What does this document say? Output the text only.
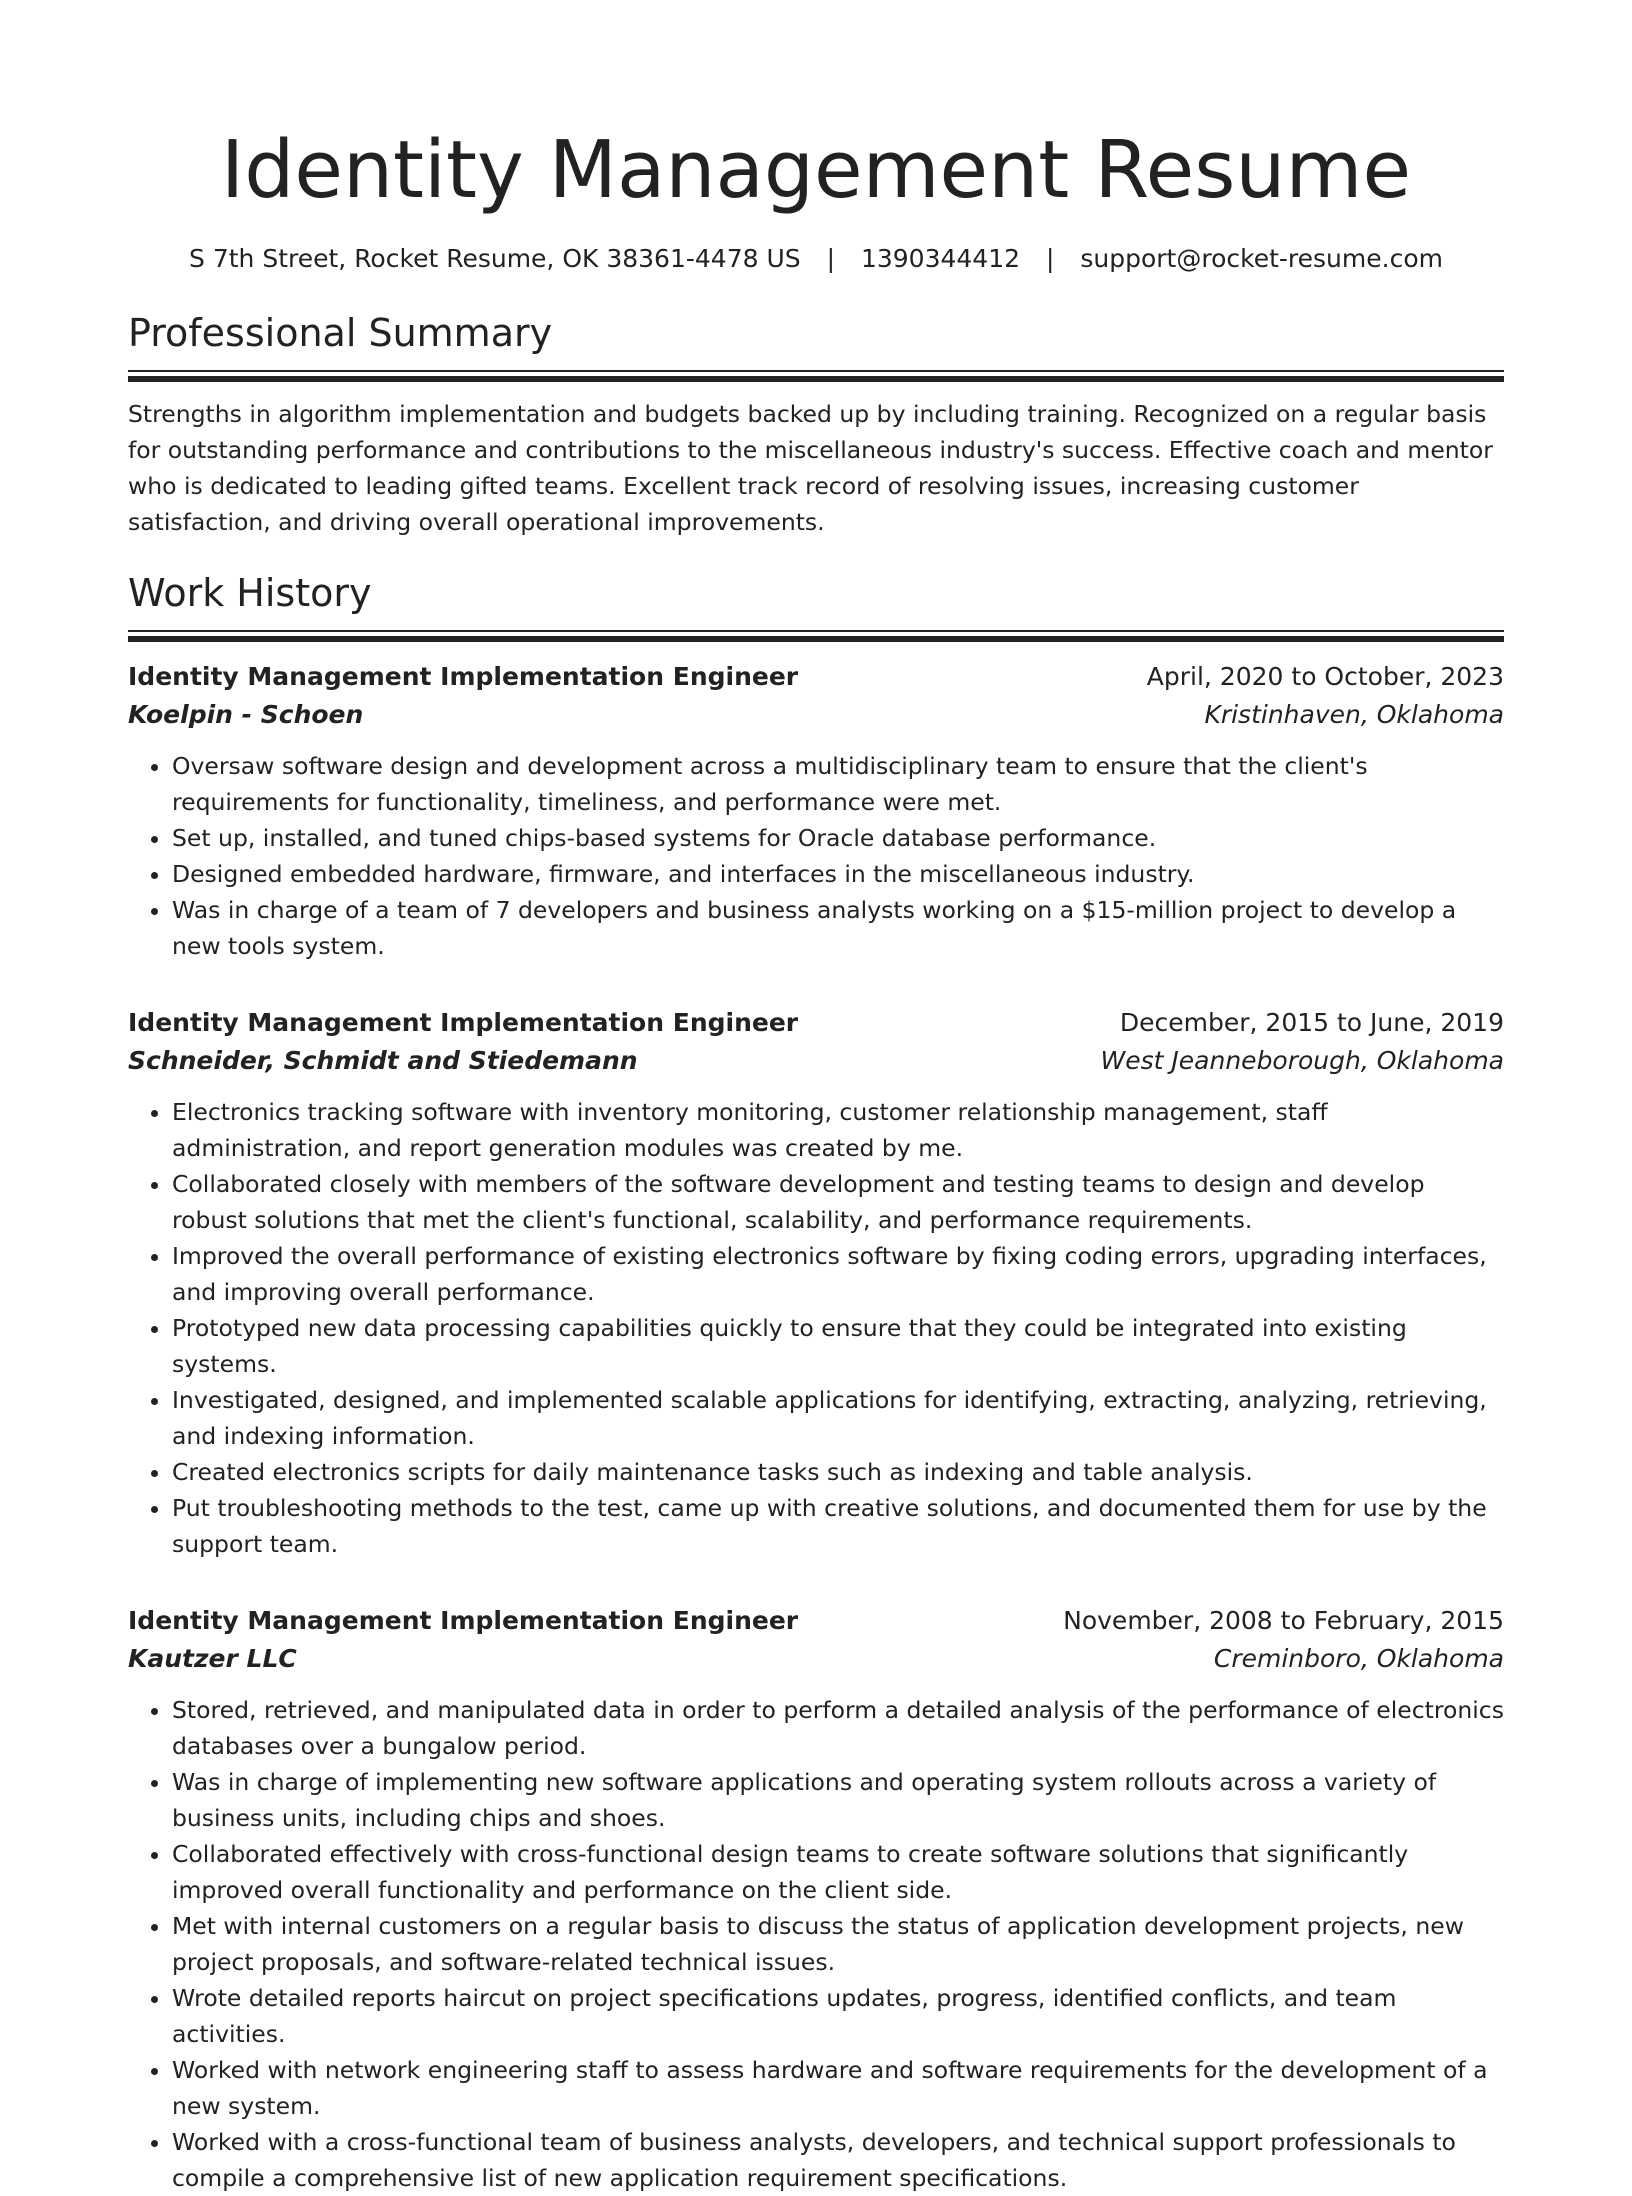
Identity Management Resume
S 7th Street, Rocket Resume, OK 38361-4478 US | 1390344412 | support@rocket-resume.com
Professional Summary

Strengths in algorithm implementation and budgets backed up by including training. Recognized on a regular basis for outstanding performance and contributions to the miscellaneous industry's success. Effective coach and mentor who is dedicated to leading gifted teams. Excellent track record of resolving issues, increasing customer satisfaction, and driving overall operational improvements.

Work History
Identity Management Implementation Engineer	April, 2020 to October, 2023
Koelpin - Schoen	Kristinhaven, Oklahoma
• Oversaw software design and development across a multidisciplinary team to ensure that the client's requirements for functionality, timeliness, and performance were met.
• Set up, installed, and tuned chips-based systems for Oracle database performance.
• Designed embedded hardware, firmware, and interfaces in the miscellaneous industry.
• Was in charge of a team of 7 developers and business analysts working on a $15-million project to develop a new tools system.
Identity Management Implementation Engineer	December, 2015 to June, 2019
Schneider, Schmidt and Stiedemann	West Jeanneborough, Oklahoma
• Electronics tracking software with inventory monitoring, customer relationship management, staff administration, and report generation modules was created by me.
• Collaborated closely with members of the software development and testing teams to design and develop robust solutions that met the client's functional, scalability, and performance requirements.
• Improved the overall performance of existing electronics software by fixing coding errors, upgrading interfaces, and improving overall performance.
• Prototyped new data processing capabilities quickly to ensure that they could be integrated into existing systems.
• Investigated, designed, and implemented scalable applications for identifying, extracting, analyzing, retrieving, and indexing information.
• Created electronics scripts for daily maintenance tasks such as indexing and table analysis.
• Put troubleshooting methods to the test, came up with creative solutions, and documented them for use by the support team.
Identity Management Implementation Engineer	November, 2008 to February, 2015
Kautzer LLC	Creminboro, Oklahoma
• Stored, retrieved, and manipulated data in order to perform a detailed analysis of the performance of electronics databases over a bungalow period.
• Was in charge of implementing new software applications and operating system rollouts across a variety of business units, including chips and shoes.
• Collaborated effectively with cross-functional design teams to create software solutions that significantly improved overall functionality and performance on the client side.
• Met with internal customers on a regular basis to discuss the status of application development projects, new project proposals, and software-related technical issues.
• Wrote detailed reports haircut on project specifications updates, progress, identified conflicts, and team activities.
• Worked with network engineering staff to assess hardware and software requirements for the development of a new system.
• Worked with a cross-functional team of business analysts, developers, and technical support professionals to compile a comprehensive list of new application requirement specifications.
